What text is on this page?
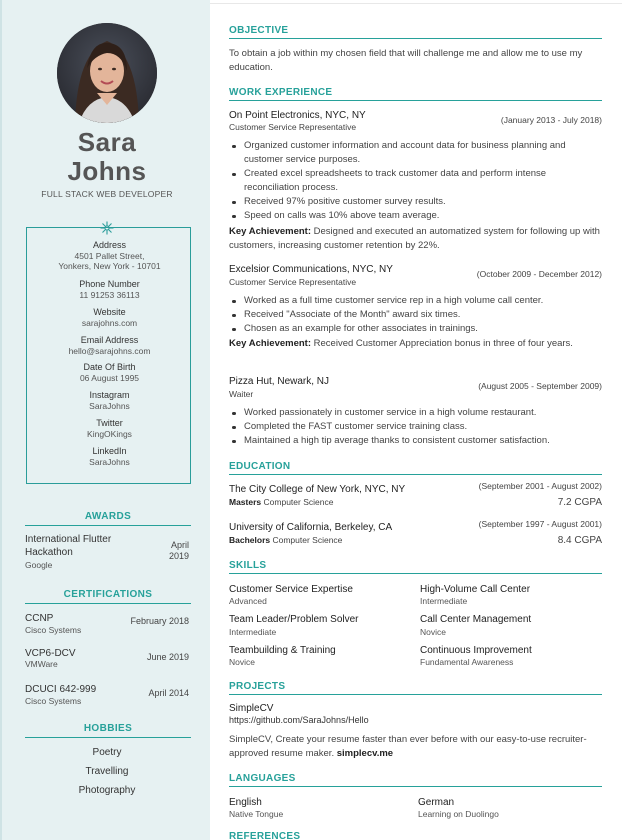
Sara
Johns
FULL STACK WEB DEVELOPER
Address
4501 Pallet Street,
Yonkers, New York - 10701
Phone Number
11 91253 36113
Website
sarajohns.com
Email Address
hello@sarajohns.com
Date Of Birth
06 August 1995
Instagram
SaraJohns
Twitter
KingOKings
LinkedIn
SaraJohns
AWARDS
International Flutter Hackathon
Google
April
2019
CERTIFICATIONS
CCNP
Cisco Systems
February 2018
VCP6-DCV
VMWare
June 2019
DCUCI 642-999
Cisco Systems
April 2014
HOBBIES
Poetry
Travelling
Photography
OBJECTIVE
To obtain a job within my chosen field that will challenge me and allow me to use my education.
WORK EXPERIENCE
On Point Electronics, NYC, NY
Customer Service Representative
(January 2013 - July 2018)
Organized customer information and account data for business planning and customer service purposes.
Created excel spreadsheets to track customer data and perform intense reconciliation process.
Received 97% positive customer survey results.
Speed on calls was 10% above team average.
Key Achievement: Designed and executed an automatized system for following up with customers, increasing customer retention by 22%.
Excelsior Communications, NYC, NY
Customer Service Representative
(October 2009 - December 2012)
Worked as a full time customer service rep in a high volume call center.
Received "Associate of the Month" award six times.
Chosen as an example for other associates in trainings.
Key Achievement: Received Customer Appreciation bonus in three of four years.
Pizza Hut, Newark, NJ
Waiter
(August 2005 - September 2009)
Worked passionately in customer service in a high volume restaurant.
Completed the FAST customer service training class.
Maintained a high tip average thanks to consistent customer satisfaction.
EDUCATION
The City College of New York, NYC, NY
Masters Computer Science
(September 2001 - August 2002)
7.2 CGPA
University of California, Berkeley, CA
Bachelors Computer Science
(September 1997 - August 2001)
8.4 CGPA
SKILLS
Customer Service Expertise
Advanced
High-Volume Call Center
Intermediate
Team Leader/Problem Solver
Intermediate
Call Center Management
Novice
Teambuilding & Training
Novice
Continuous Improvement
Fundamental Awareness
PROJECTS
SimpleCV
https://github.com/SaraJohns/Hello
SimpleCV, Create your resume faster than ever before with our easy-to-use recruiter-approved resume maker. simplecv.me
LANGUAGES
English
Native Tongue
German
Learning on Duolingo
REFERENCES
